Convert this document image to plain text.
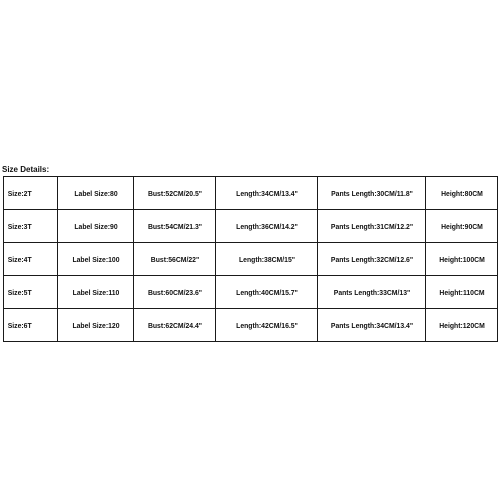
Size Details:
Size:2T	Label Size:80	Bust:52CM/20.5"	Length:34CM/13.4"	Pants Length:30CM/11.8"	Height:80CM
Size:3T	Label Size:90	Bust:54CM/21.3"	Length:36CM/14.2"	Pants Length:31CM/12.2"	Height:90CM
Size:4T	Label Size:100	Bust:56CM/22"	Length:38CM/15"	Pants Length:32CM/12.6"	Height:100CM
Size:5T	Label Size:110	Bust:60CM/23.6"	Length:40CM/15.7"	Pants Length:33CM/13"	Height:110CM
Size:6T	Label Size:120	Bust:62CM/24.4"	Length:42CM/16.5"	Pants Length:34CM/13.4"	Height:120CM
